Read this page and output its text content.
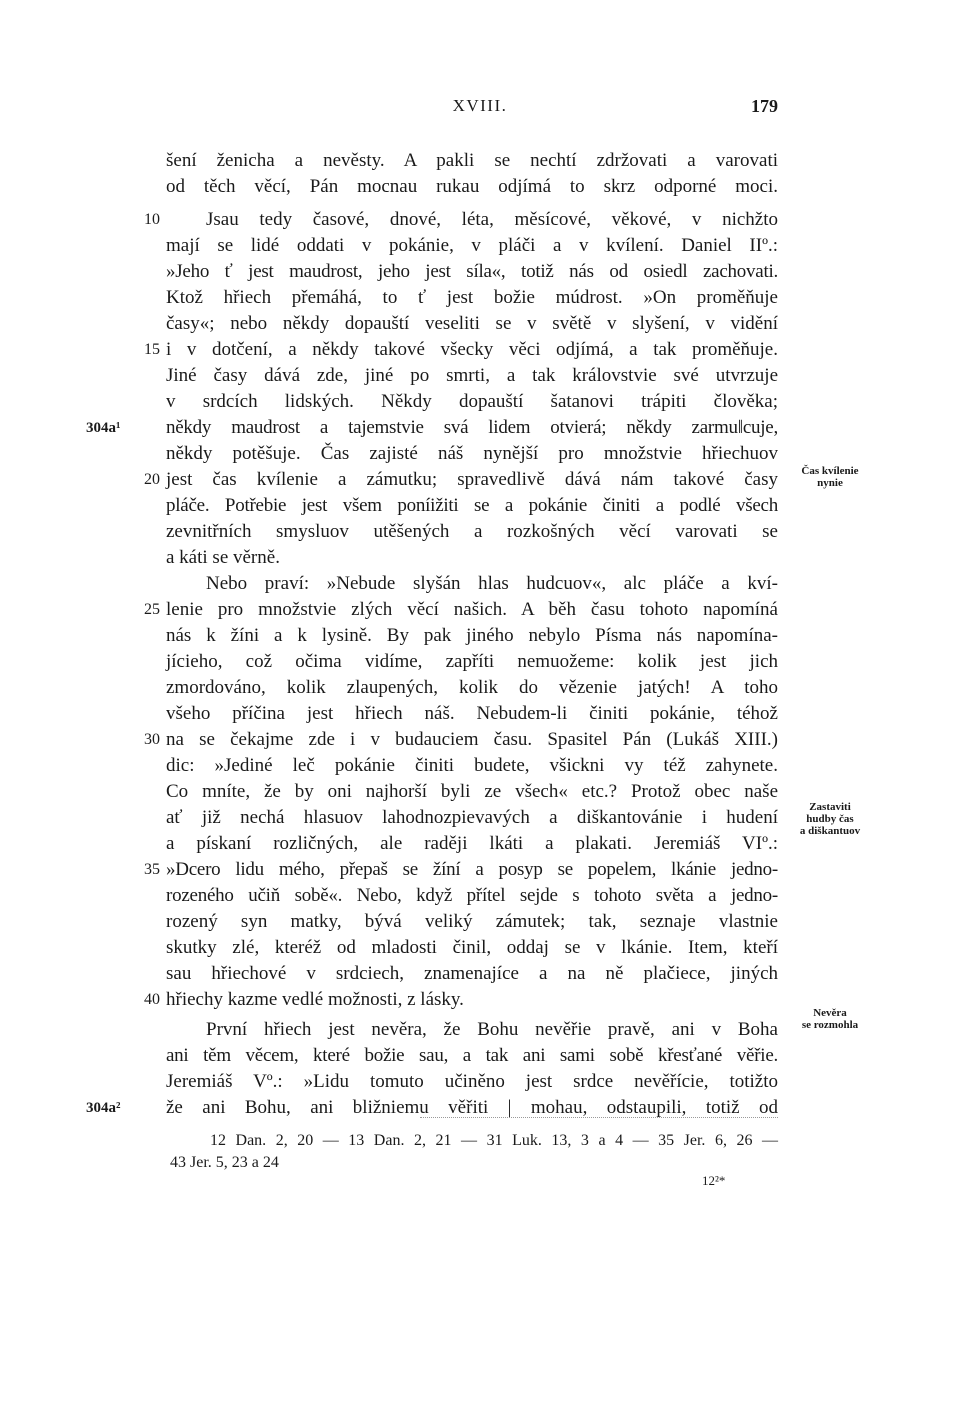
XVIII.	179
šení ženicha a nevěsty. A pakli se nechtí zdržovati a varovati
od těch věcí, Pán mocnau rukau odjímá to skrz odporné moci.
Jsau tedy časové, dnové, léta, měsícové, věkové, v nichžto
mají se lidé oddati v pokánie, v pláči a v kvílení. Daniel IIº.:
»Jeho ť jest maudrost, jeho jest síla«, totiž nás od osiedl zachovati.
Ktož hřiech přemáhá, to ť jest božie múdrost. »On proměňuje
časy«; nebo někdy dopauští veseliti se v světě v slyšení, v vidění
i v dotčení, a někdy takové všecky věci odjímá, a tak proměňuje.
Jiné časy dává zde, jiné po smrti, a tak královstvie své utvrzuje
v srdcích lidských. Někdy dopauští šatanovi trápiti člověka;
někdy maudrost a tajemstvie svá lidem otvierá; někdy zarmu‖cuje,
někdy potěšuje. Čas zajisté náš nynější pro množstvie hřiechuov
jest čas kvílenie a zámutku; spravedlivě dává nám takové časy
pláče. Potřebie jest všem poníižiti se a pokánie činiti a podlé všech
zevnitřních smysluov utěšených a rozkošných věcí varovati se
a káti se věrně.
Nebo praví: »Nebude slyšán hlas hudcuov«, alc pláče a kví-
lenie pro množstvie zlých věcí našich. A běh času tohoto napomíná
nás k žíni a k lysině. By pak jiného nebylo Písma nás napomína-
jícieho, což očima vidíme, zapříti nemuožeme: kolik jest jich
zmordováno, kolik zlaupených, kolik do vězenie jatých! A toho
všeho příčina jest hřiech náš. Nebudem-li činiti pokánie, téhož
na se čekajme zde i v budauciem času. Spasitel Pán (Lukáš XIII.)
dic: »Jediné leč pokánie činiti budete, všickni vy též zahynete.
Co mníte, že by oni najhorší byli ze všech« etc.? Protož obec naše
ať již nechá hlasuov lahodnozpievavých a diškantovánie i hudení
a pískaní rozličných, ale raději lkáti a plakati. Jeremiáš VIº.:
»Dcero lidu mého, přepaš se žíní a posyp se popelem, lkánie jedno-
rozeného učiň sobě«. Nebo, když přítel sejde s tohoto světa a jedno-
rozený syn matky, bývá veliký zámutek; tak, seznaje vlastnie
skutky zlé, kteréž od mladosti činil, oddaj se v lkánie. Item, kteří
sau hřiechové v srdciech, znamenajíce a na ně plačiece, jiných
hřiechy kazme vedlé možnosti, z lásky.
První hřiech jest nevěra, že Bohu nevěřie pravě, ani v Boha
ani těm věcem, které božie sau, a tak ani sami sobě křesťané věřie.
Jeremiáš Vº.: »Lidu tomuto učiněno jest srdce nevěřície, totižto
že ani Bohu, ani bližniemu věřiti | mohau, odstaupili, totiž od
10
15
20
25
30
35
40
304a¹
304a²
Čas kvílenie
nynie
Zastaviti
hudby čas
a diškantuov
Nevěra
se rozmohla
12 Dan. 2, 20 — 13 Dan. 2, 21 — 31 Luk. 13, 3 a 4 — 35 Jer. 6, 26 —
43 Jer. 5, 23 a 24
12²*
